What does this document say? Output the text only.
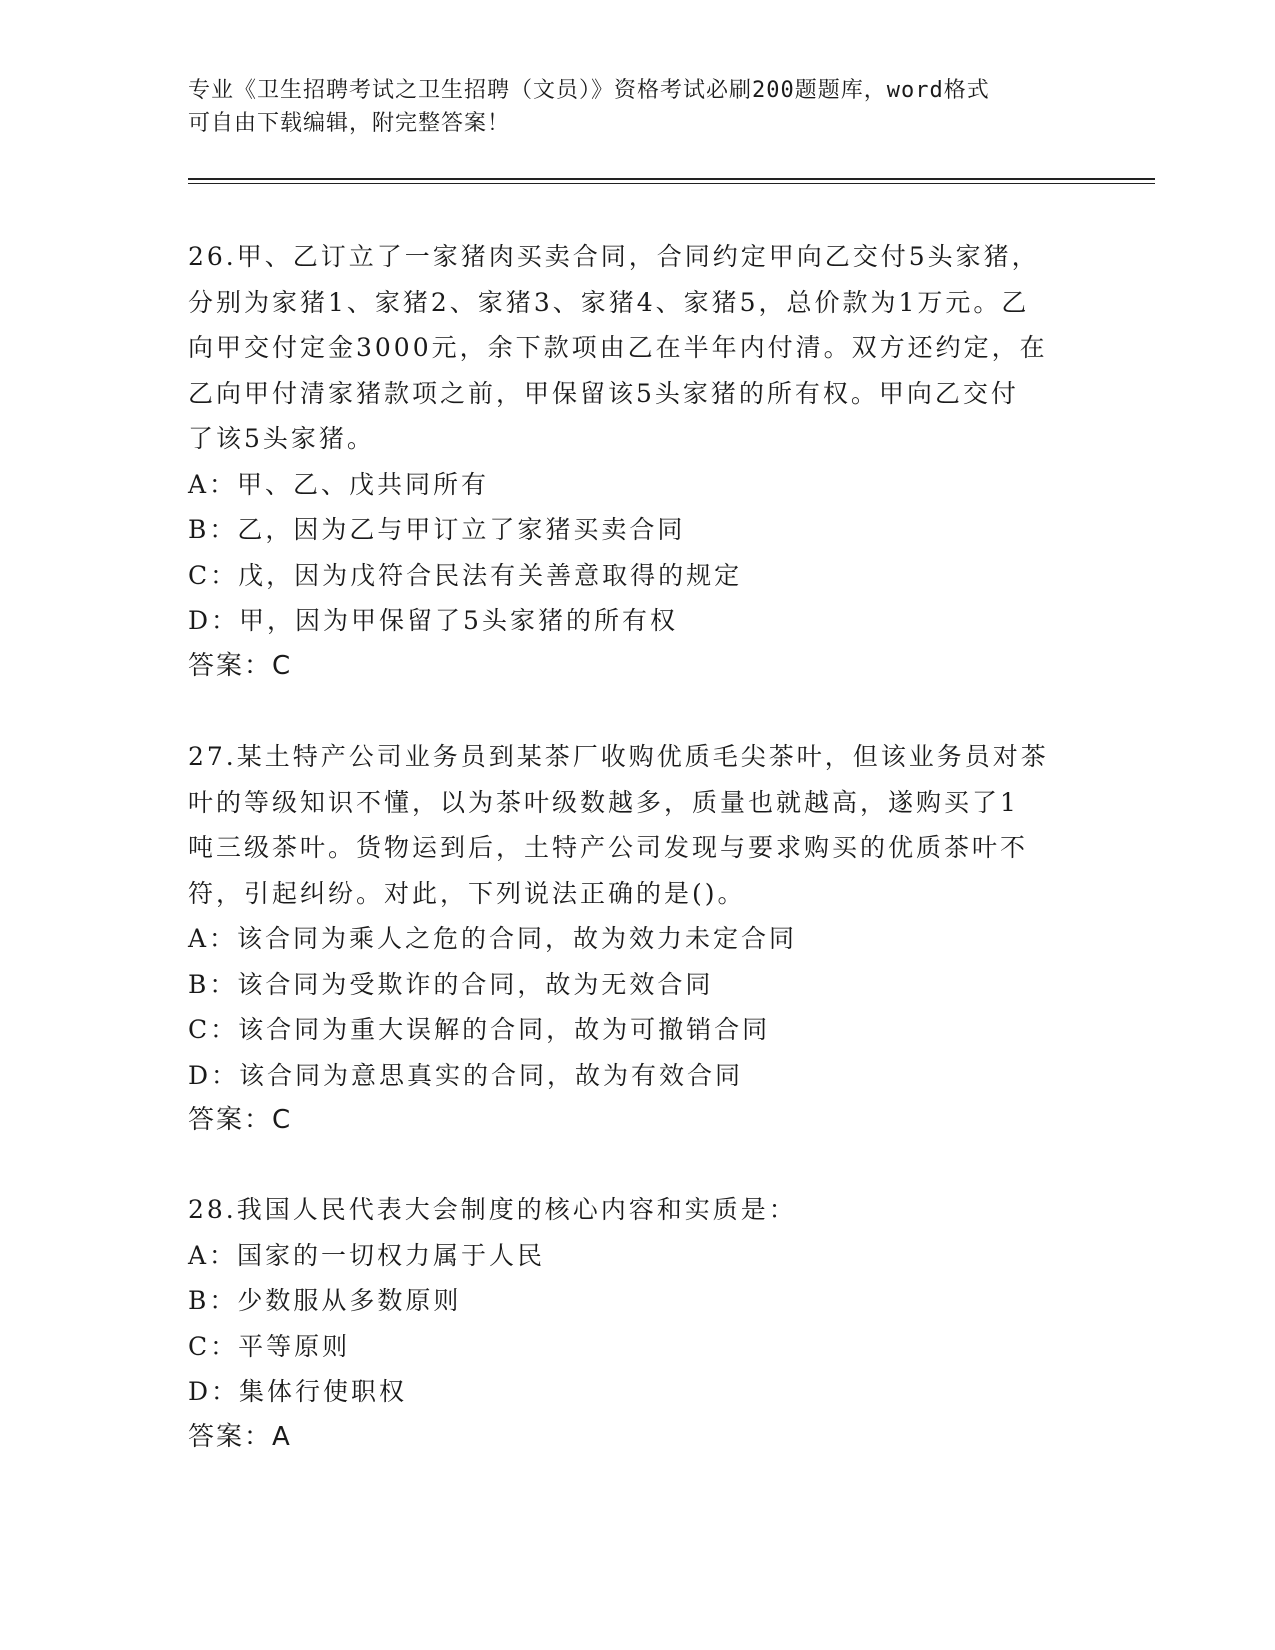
专业《卫生招聘考试之卫生招聘（文员）》资格考试必刷200题题库，word格式
可自由下载编辑，附完整答案！
26.甲、乙订立了一家猪肉买卖合同，合同约定甲向乙交付5头家猪，
分别为家猪1、家猪2、家猪3、家猪4、家猪5，总价款为1万元。乙
向甲交付定金3000元，余下款项由乙在半年内付清。双方还约定，在
乙向甲付清家猪款项之前，甲保留该5头家猪的所有权。甲向乙交付
了该5头家猪。
A：甲、乙、戊共同所有
B：乙，因为乙与甲订立了家猪买卖合同
C：戊，因为戊符合民法有关善意取得的规定
D：甲，因为甲保留了5头家猪的所有权
答案：C
27.某土特产公司业务员到某茶厂收购优质毛尖茶叶，但该业务员对茶
叶的等级知识不懂，以为茶叶级数越多，质量也就越高，遂购买了1
吨三级茶叶。货物运到后，土特产公司发现与要求购买的优质茶叶不
符，引起纠纷。对此，下列说法正确的是()。
A：该合同为乘人之危的合同，故为效力未定合同
B：该合同为受欺诈的合同，故为无效合同
C：该合同为重大误解的合同，故为可撤销合同
D：该合同为意思真实的合同，故为有效合同
答案：C
28.我国人民代表大会制度的核心内容和实质是：
A：国家的一切权力属于人民
B：少数服从多数原则
C：平等原则
D：集体行使职权
答案：A
